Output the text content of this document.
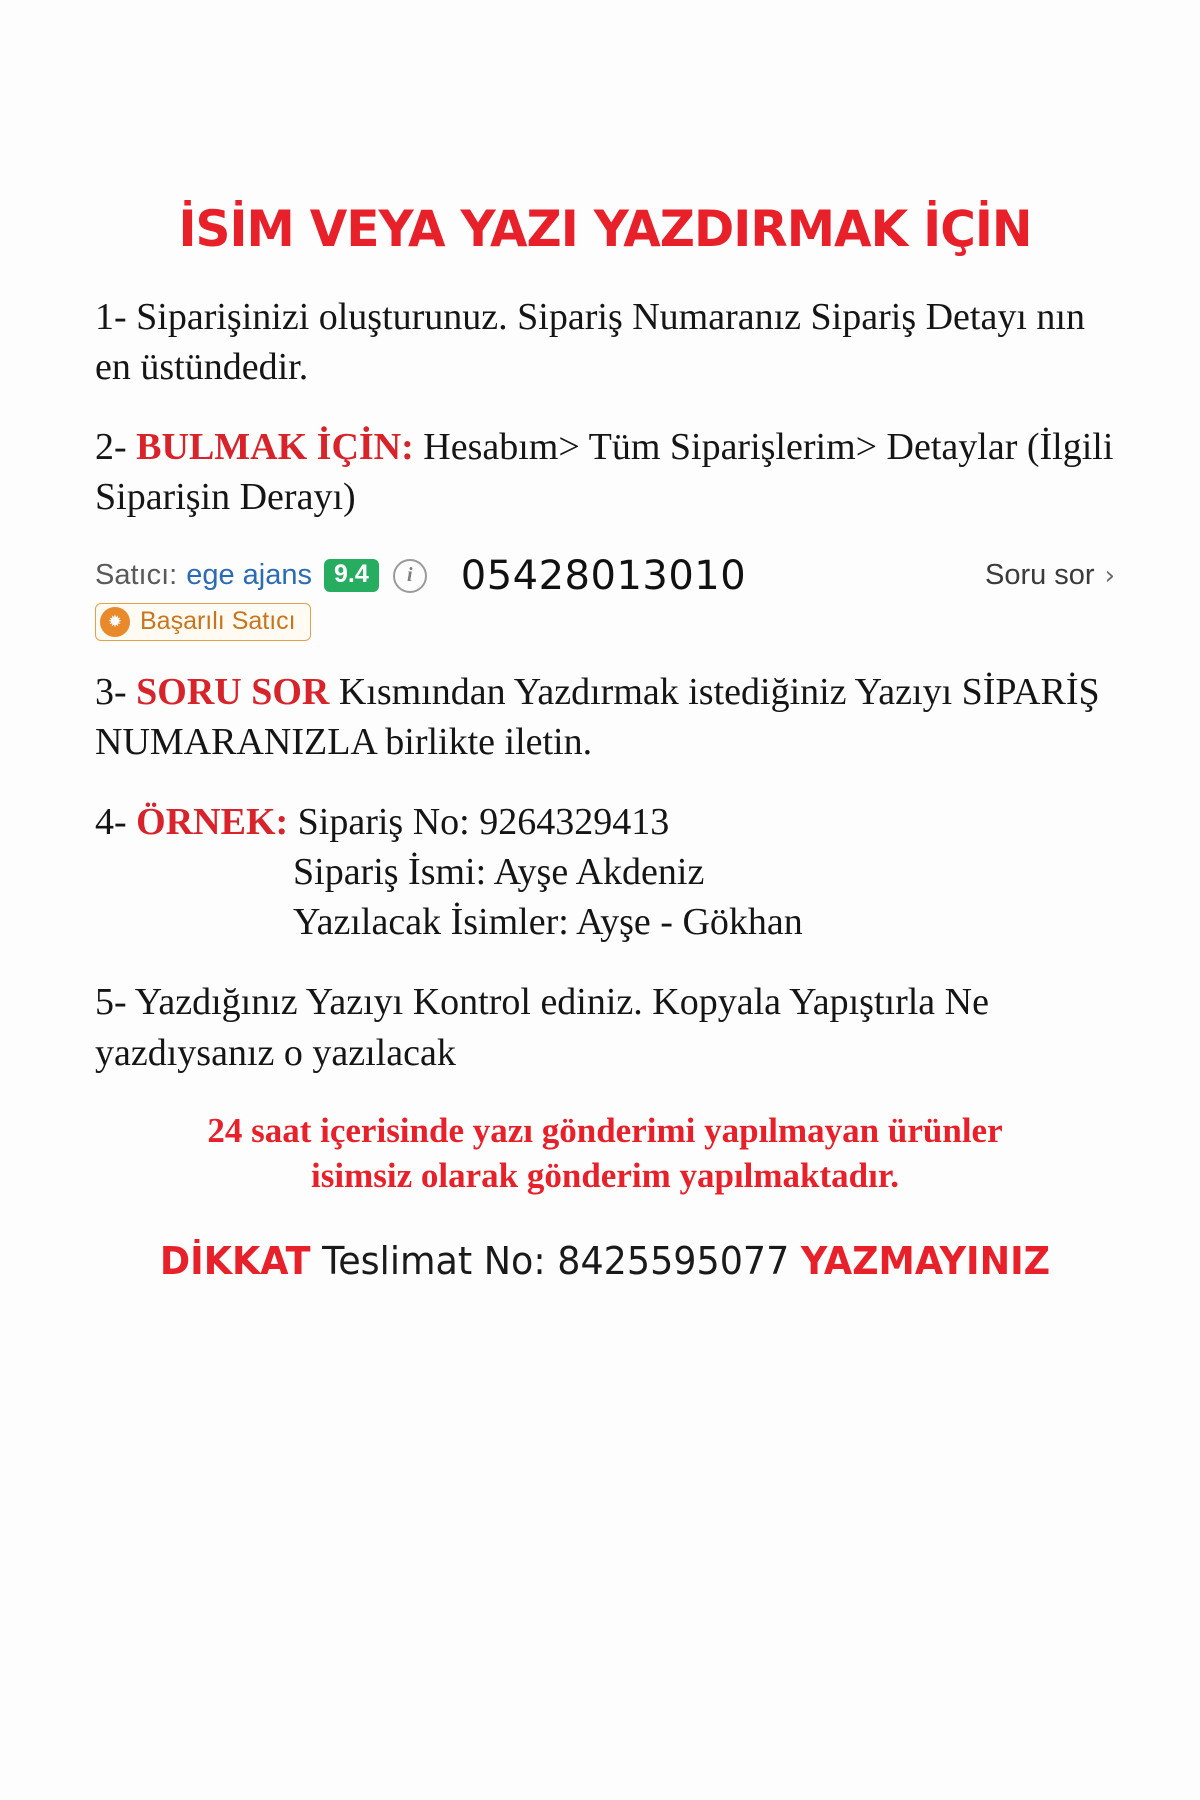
İSİM VEYA YAZI YAZDIRMAK İÇİN

1- Siparişinizi oluşturunuz. Sipariş Numaranız Sipariş Detayı nın en üstündedir.

2- BULMAK İÇİN: Hesabım> Tüm Siparişlerim> Detaylar (İlgili Siparişin Derayı)

Satıcı: ege ajans 9.4	i	05428013010	Soru sor ›
✹ Başarılı Satıcı

3- SORU SOR Kısmından Yazdırmak istediğiniz Yazıyı SİPARİŞ NUMARANIZLA birlikte iletin.

4- ÖRNEK: Sipariş No: 9264329413
Sipariş İsmi: Ayşe Akdeniz
Yazılacak İsimler: Ayşe - Gökhan

5- Yazdığınız Yazıyı Kontrol ediniz. Kopyala Yapıştırla Ne yazdıysanız o yazılacak

24 saat içerisinde yazı gönderimi yapılmayan ürünler
isimsiz olarak gönderim yapılmaktadır.

DİKKAT Teslimat No: 8425595077 YAZMAYINIZ
